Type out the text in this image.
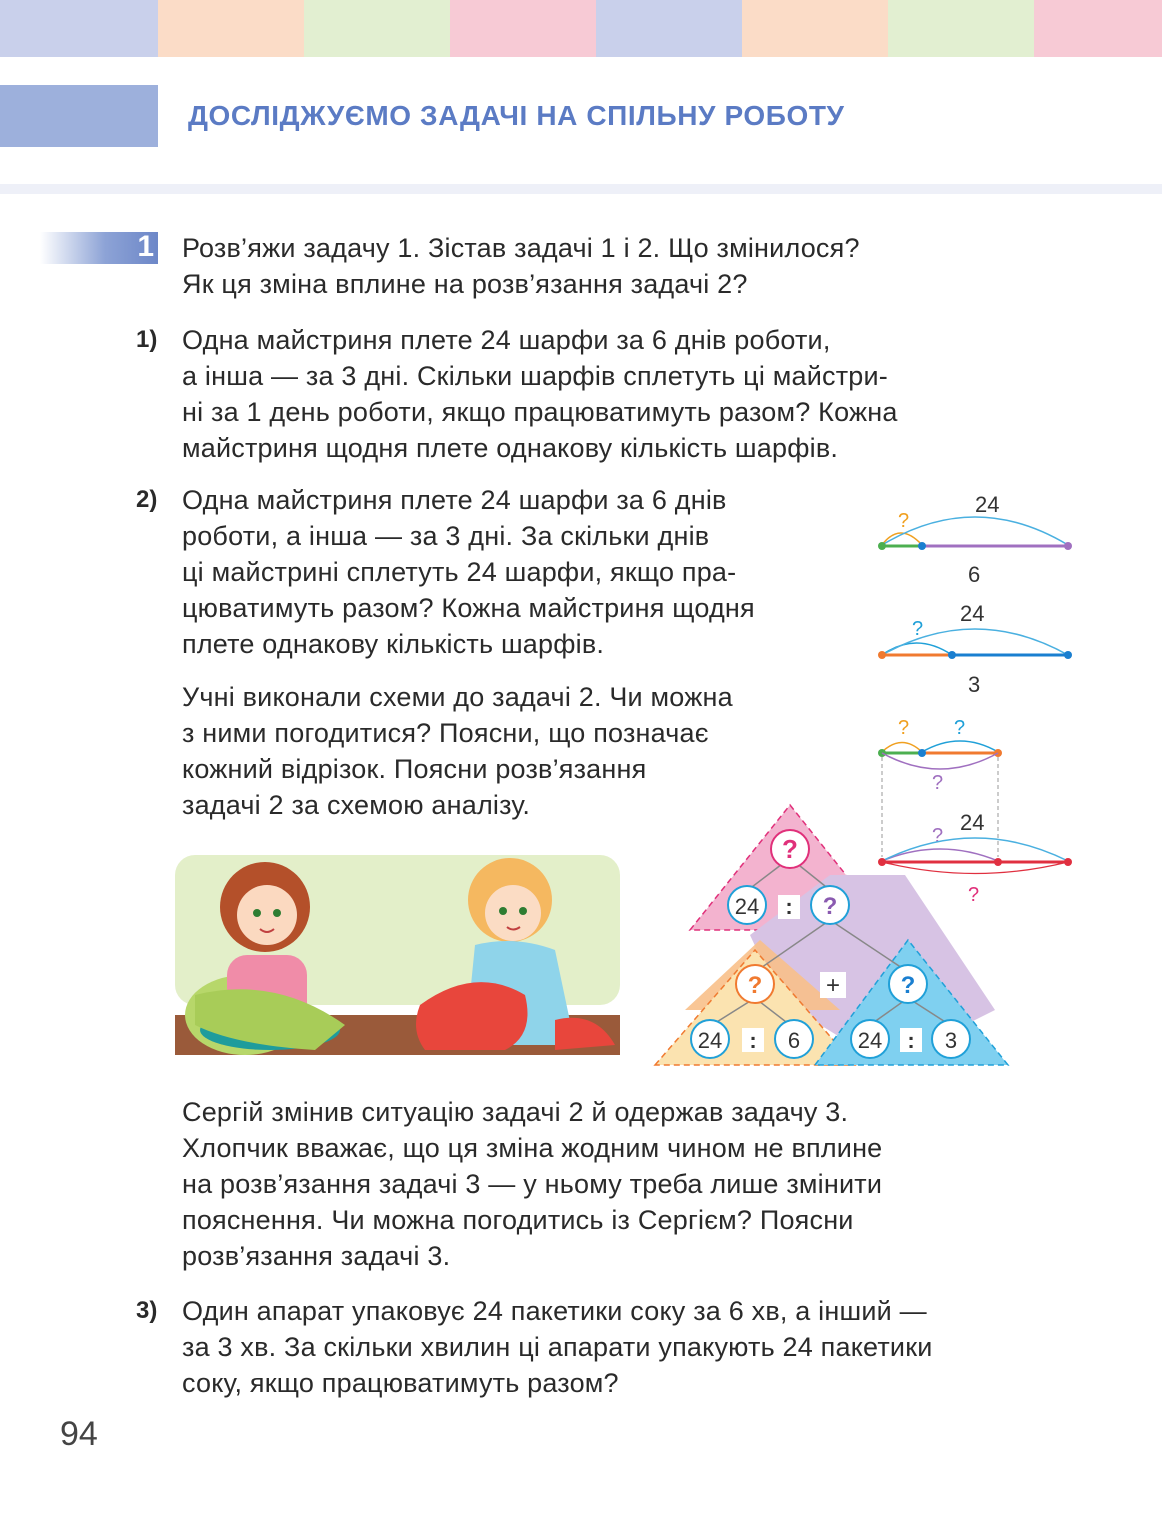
ДОСЛІДЖУЄМО ЗАДАЧІ НА СПІЛЬНУ РОБОТУ
1 Розв’яжи задачу 1. Зістав задачі 1 і 2. Що змінилося?
Як ця зміна вплине на розв’язання задачі 2?
1) Одна майстриня плете 24 шарфи за 6 днів роботи,
а інша — за 3 дні. Скільки шарфів сплетуть ці майстри-
ні за 1 день роботи, якщо працюватимуть разом? Кожна
майстриня щодня плете однакову кількість шарфів.
2) Одна майстриня плете 24 шарфи за 6 днів
роботи, а інша — за 3 дні. За скільки днів
ці майстрині сплетуть 24 шарфи, якщо пра-
цюватимуть разом? Кожна майстриня щодня
плете однакову кількість шарфів.
Учні виконали схеми до задачі 2. Чи можна
з ними погодитися? Поясни, що позначає
кожний відрізок. Поясни розв’язання
задачі 2 за схемою аналізу.
24
?
6
24
?
3
? ?
?
?
24
?
?
24 : ?
?	+	?
24 : 6	24 : 3
Сергій змінив ситуацію задачі 2 й одержав задачу 3.
Хлопчик вважає, що ця зміна жодним чином не вплине
на розв’язання задачі 3 — у ньому треба лише змінити
пояснення. Чи можна погодитись із Сергієм? Поясни
розв’язання задачі 3.
3) Один апарат упаковує 24 пакетики соку за 6 хв, а інший —
за 3 хв. За скільки хвилин ці апарати упакують 24 пакетики
соку, якщо працюватимуть разом?
94
